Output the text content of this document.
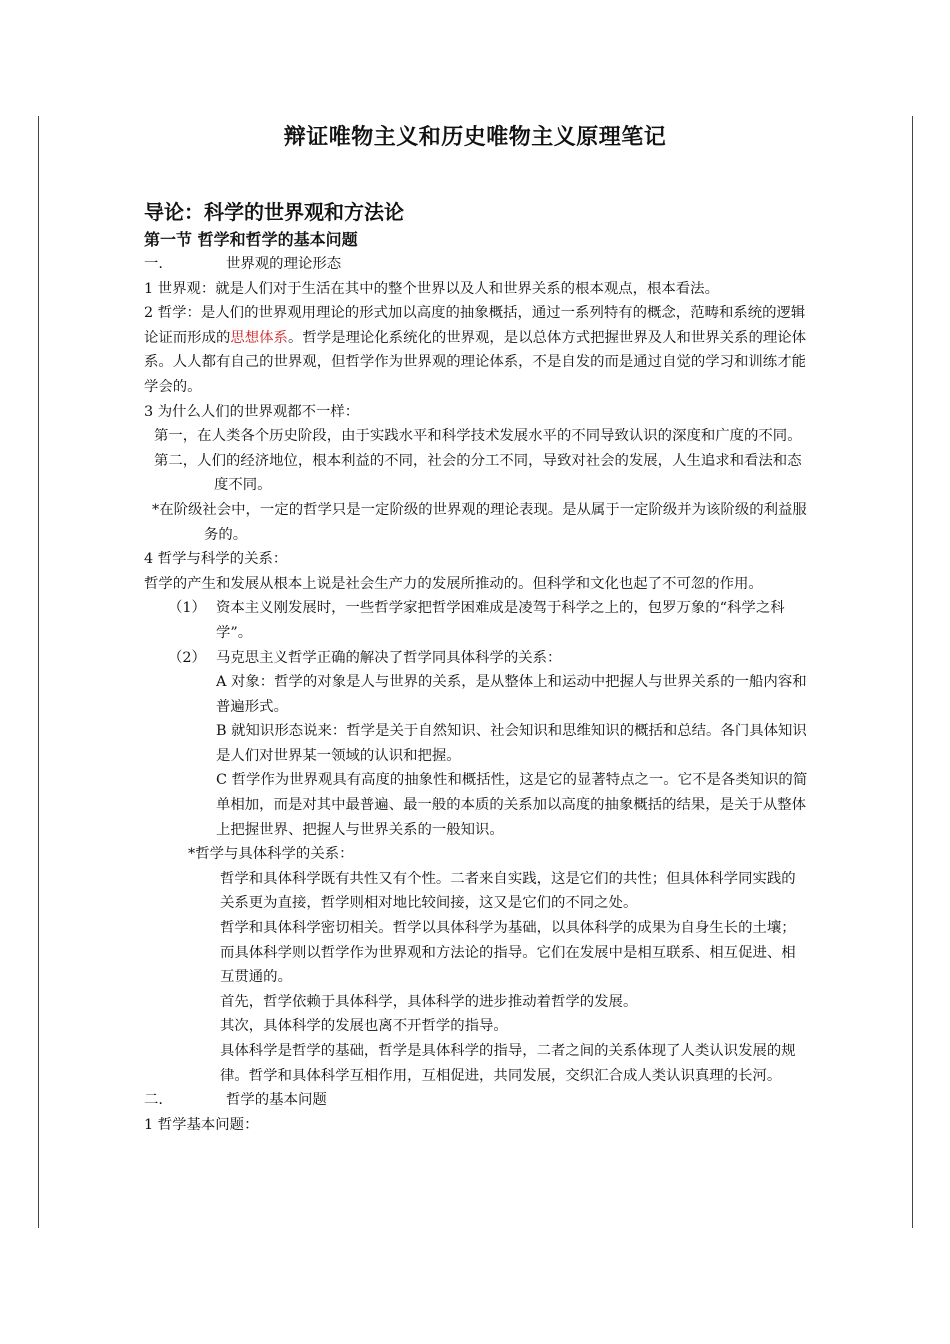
辩证唯物主义和历史唯物主义原理笔记
导论：科学的世界观和方法论
第一节 哲学和哲学的基本问题
一.	世界观的理论形态

1 世界观：就是人们对于生活在其中的整个世界以及人和世界关系的根本观点，根本看法。

2 哲学：是人们的世界观用理论的形式加以高度的抽象概括，通过一系列特有的概念，范畴和系统的逻辑论证而形成的思想体系。哲学是理论化系统化的世界观，是以总体方式把握世界及人和世界关系的理论体系。人人都有自己的世界观，但哲学作为世界观的理论体系，不是自发的而是通过自觉的学习和训练才能学会的。

3 为什么人们的世界观都不一样：

第一，在人类各个历史阶段，由于实践水平和科学技术发展水平的不同导致认识的深度和广度的不同。

第二，人们的经济地位，根本利益的不同，社会的分工不同，导致对社会的发展，人生追求和看法和态度不同。

*在阶级社会中，一定的哲学只是一定阶级的世界观的理论表现。是从属于一定阶级并为该阶级的利益服务的。

4 哲学与科学的关系：

哲学的产生和发展从根本上说是社会生产力的发展所推动的。但科学和文化也起了不可忽的作用。

（1） 资本主义刚发展时，一些哲学家把哲学困难成是凌驾于科学之上的，包罗万象的“科学之科学”。
（2） 马克思主义哲学正确的解决了哲学同具体科学的关系：

A 对象：哲学的对象是人与世界的关系，是从整体上和运动中把握人与世界关系的一船内容和普遍形式。

B 就知识形态说来：哲学是关于自然知识、社会知识和思维知识的概括和总结。各门具体知识是人们对世界某一领域的认识和把握。

C 哲学作为世界观具有高度的抽象性和概括性，这是它的显著特点之一。它不是各类知识的简单相加，而是对其中最普遍、最一般的本质的关系加以高度的抽象概括的结果，是关于从整体上把握世界、把握人与世界关系的一般知识。

*哲学与具体科学的关系：

哲学和具体科学既有共性又有个性。二者来自实践，这是它们的共性；但具体科学同实践的关系更为直接，哲学则相对地比较间接，这又是它们的不同之处。

哲学和具体科学密切相关。哲学以具体科学为基础，以具体科学的成果为自身生长的土壤；而具体科学则以哲学作为世界观和方法论的指导。它们在发展中是相互联系、相互促进、相互贯通的。

首先，哲学依赖于具体科学，具体科学的进步推动着哲学的发展。

其次，具体科学的发展也离不开哲学的指导。

具体科学是哲学的基础，哲学是具体科学的指导，二者之间的关系体现了人类认识发展的规律。哲学和具体科学互相作用，互相促进，共同发展，交织汇合成人类认识真理的长河。

二.	哲学的基本问题

1 哲学基本问题：
